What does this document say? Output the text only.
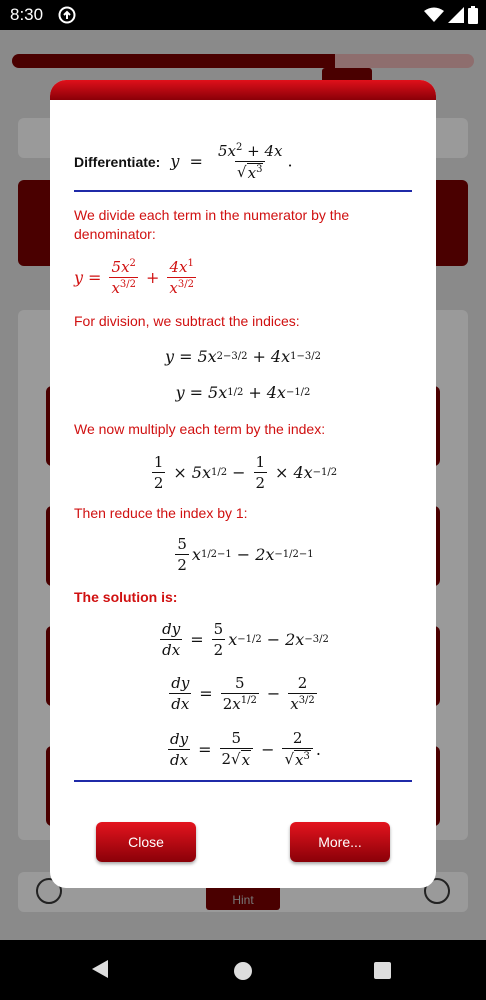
8:30
Hint
Differentiate: $y = \frac{5x^2 + 4x}{√ x^3}$ .
We divide each term in the numerator by the denominator:
$y = \frac{5x^2}{x^{3/2}} + \frac{4x^1}{x^{3/2}}$
For division, we subtract the indices:
y = 5x 2−3/2 + 4x 1−3/2
y = 5x 1/2 + 4x −1/2
We now multiply each term by the index:
$\frac{1}{2} \times 5x$ $1/2 - \frac{1}{2} \times 4x -1/2$
Then reduce the index by 1:
$\frac{5}{2}$ x 1/2−1 − 2x −1/2−1
The solution is:
$\frac{dy}{dx} = \frac{5}{2}$ x −1/2 − 2x −3/2
$\frac{dy}{dx} = \frac{5}{2x^{1/2}} - \frac{2}{x^{3/2}}$
$\frac{dy}{dx} = \frac{5}{2 √ x} - \frac{2}{√ x^3}$ .
Close	More...
